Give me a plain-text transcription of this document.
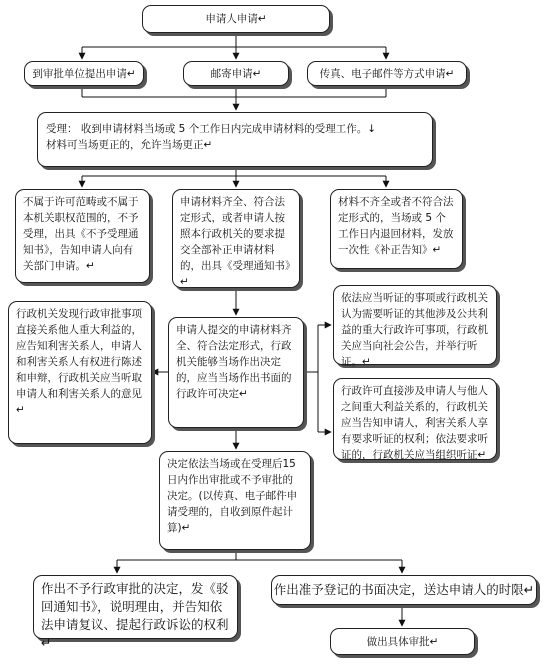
申请人申请↵
到审批单位提出申请↵	邮寄申请↵	传真、电子邮件等方式申请↵
受理： 收到申请材料当场或 5 个工作日内完成申请材料的受理工作。↓
材料可当场更正的，允许当场更正↵
不属于许可范畴或不属于本机关职权范围的，不予受理，出具《不予受理通知书》，告知申请人向有关部门申请。↵
申请材料齐全、符合法定形式，或者申请人按照本行政机关的要求提交全部补正申请材料的，出具《受理通知书》↵
材料不齐全或者不符合法定形式的，当场或 5 个工作日内退回材料，发放一次性《补正告知》↵
行政机关发现行政审批事项直接关系他人重大利益的，应告知利害关系人，申请人和利害关系人有权进行陈述和申辩，行政机关应当听取申请人和利害关系人的意见↵
申请人提交的申请材料齐全、符合法定形式，行政机关能够当场作出决定的，应当当场作出书面的行政许可决定↵
依法应当听证的事项或行政机关认为需要听证的其他涉及公共利益的重大行政许可事项，行政机关应当向社会公告，并举行听证。↵
行政许可直接涉及申请人与他人之间重大利益关系的，行政机关应当告知申请人，利害关系人享有要求听证的权利；依法要求听证的，行政机关应当组织听证↵
决定依法当场或在受理后15 日内作出审批或不予审批的决定。(以传真、电子邮件申请受理的，自收到原件起计算)↵
作出不予行政审批的决定，发《驳回通知书》，说明理由，并告知依法申请复议、提起行政诉讼的权利↵
作出准予登记的书面决定，送达申请人的时限↵
做出具体审批↵
